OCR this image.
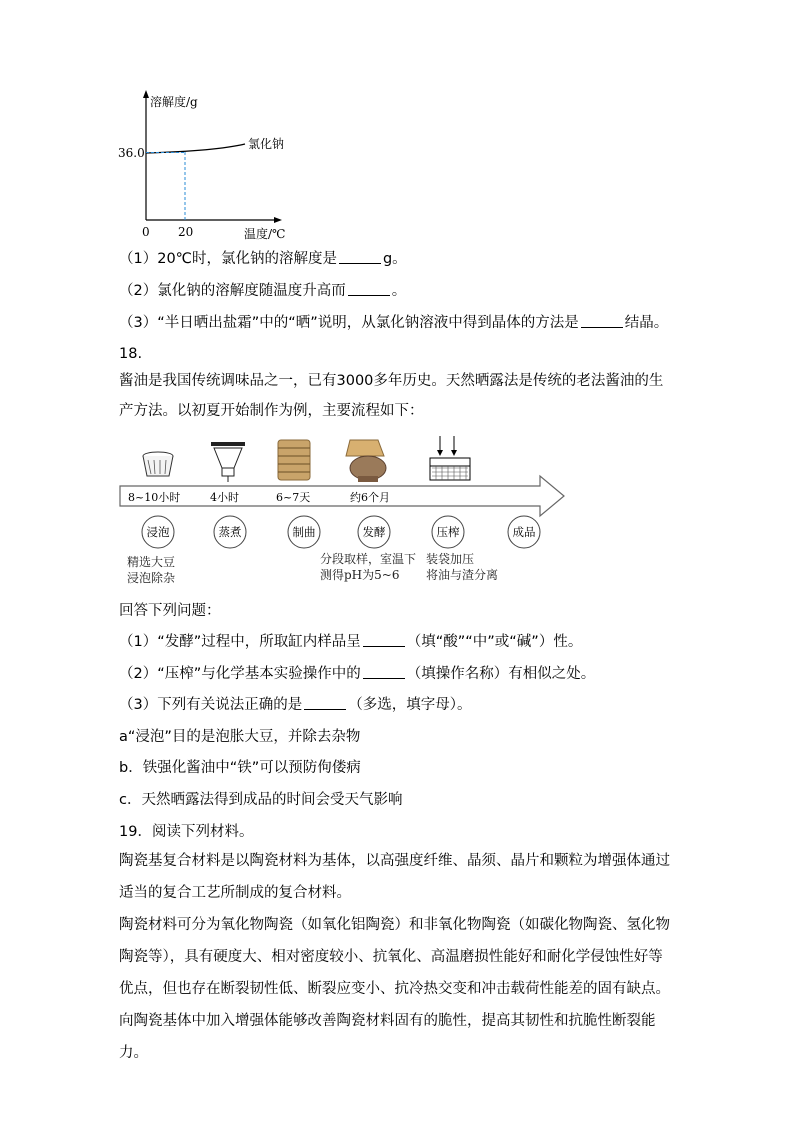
溶解度/g
温度/℃
氯化钠
36.0
20
0
（1）20℃时，氯化钠的溶解度是	g。
（2）氯化钠的溶解度随温度升高而	。
（3）“半日晒出盐霜”中的“晒”说明，从氯化钠溶液中得到晶体的方法是	结晶。
18.
酱油是我国传统调味品之一，已有3000多年历史。天然晒露法是传统的老法酱油的生产方法。以初夏开始制作为例，主要流程如下：
8~10小时	4小时	6~7天	约6个月
浸泡	蒸煮	制曲	发酵	压榨	成品
精选大豆
浸泡除杂
分段取样，室温下
测得pH为5~6
装袋加压
将油与渣分离
回答下列问题：
（1）“发酵”过程中，所取缸内样品呈	（填“酸”“中”或“碱”）性。
（2）“压榨”与化学基本实验操作中的	（填操作名称）有相似之处。
（3）下列有关说法正确的是	（多选，填字母）。
a“浸泡”目的是泡胀大豆，并除去杂物
b．铁强化酱油中“铁”可以预防佝偻病
c．天然晒露法得到成品的时间会受天气影响
19．阅读下列材料。
陶瓷基复合材料是以陶瓷材料为基体，以高强度纤维、晶须、晶片和颗粒为增强体通过适当的复合工艺所制成的复合材料。
陶瓷材料可分为氧化物陶瓷（如氧化铝陶瓷）和非氧化物陶瓷（如碳化物陶瓷、氢化物陶瓷等），具有硬度大、相对密度较小、抗氧化、高温磨损性能好和耐化学侵蚀性好等优点，但也存在断裂韧性低、断裂应变小、抗冷热交变和冲击载荷性能差的固有缺点。向陶瓷基体中加入增强体能够改善陶瓷材料固有的脆性，提高其韧性和抗脆性断裂能力。
